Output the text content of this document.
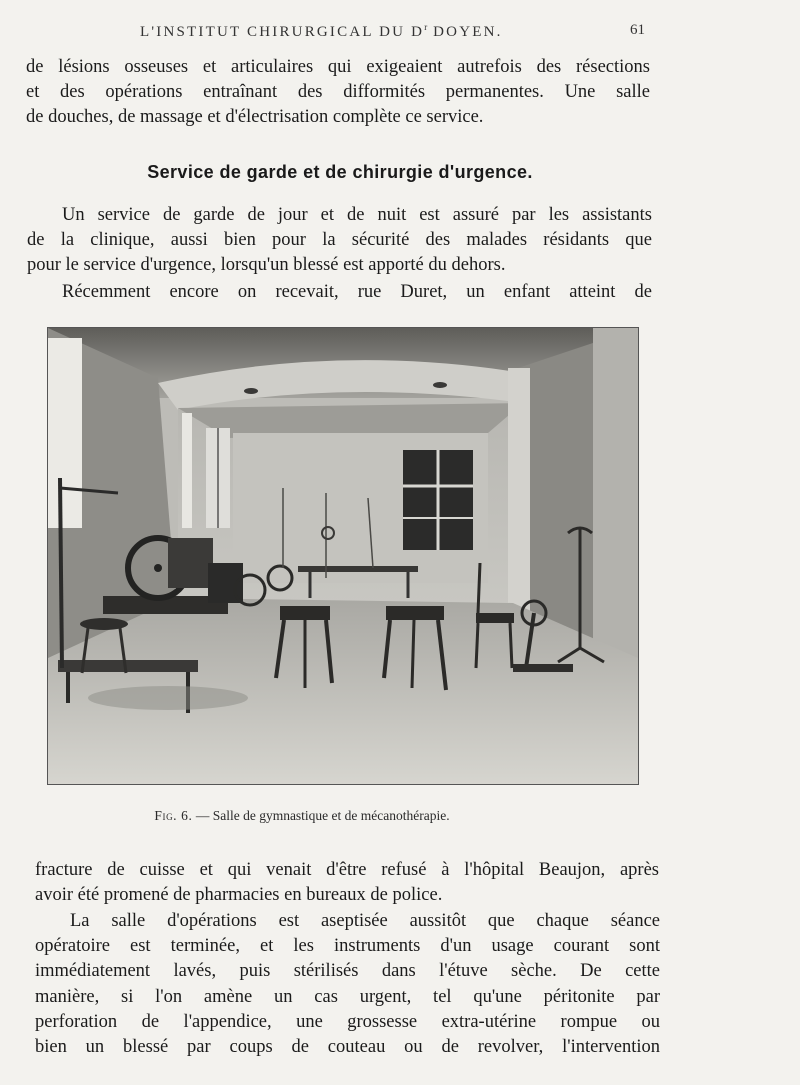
L'INSTITUT CHIRURGICAL DU $D^r$ DOYEN.	61
de lésions osseuses et articulaires qui exigeaient autrefois des résections
et des opérations entraînant des difformités permanentes. Une salle
de douches, de massage et d'électrisation complète ce service.
Service de garde et de chirurgie d'urgence.
Un service de garde de jour et de nuit est assuré par les assistants
de la clinique, aussi bien pour la sécurité des malades résidants que
pour le service d'urgence, lorsqu'un blessé est apporté du dehors.
Récemment encore on recevait, rue Duret, un enfant atteint de
Fig. 6. — Salle de gymnastique et de mécanothérapie.
fracture de cuisse et qui venait d'être refusé à l'hôpital Beaujon, après
avoir été promené de pharmacies en bureaux de police.
La salle d'opérations est aseptisée aussitôt que chaque séance
opératoire est terminée, et les instruments d'un usage courant sont
immédiatement lavés, puis stérilisés dans l'étuve sèche. De cette
manière, si l'on amène un cas urgent, tel qu'une péritonite par
perforation de l'appendice, une grossesse extra-utérine rompue ou
bien un blessé par coups de couteau ou de revolver, l'intervention
